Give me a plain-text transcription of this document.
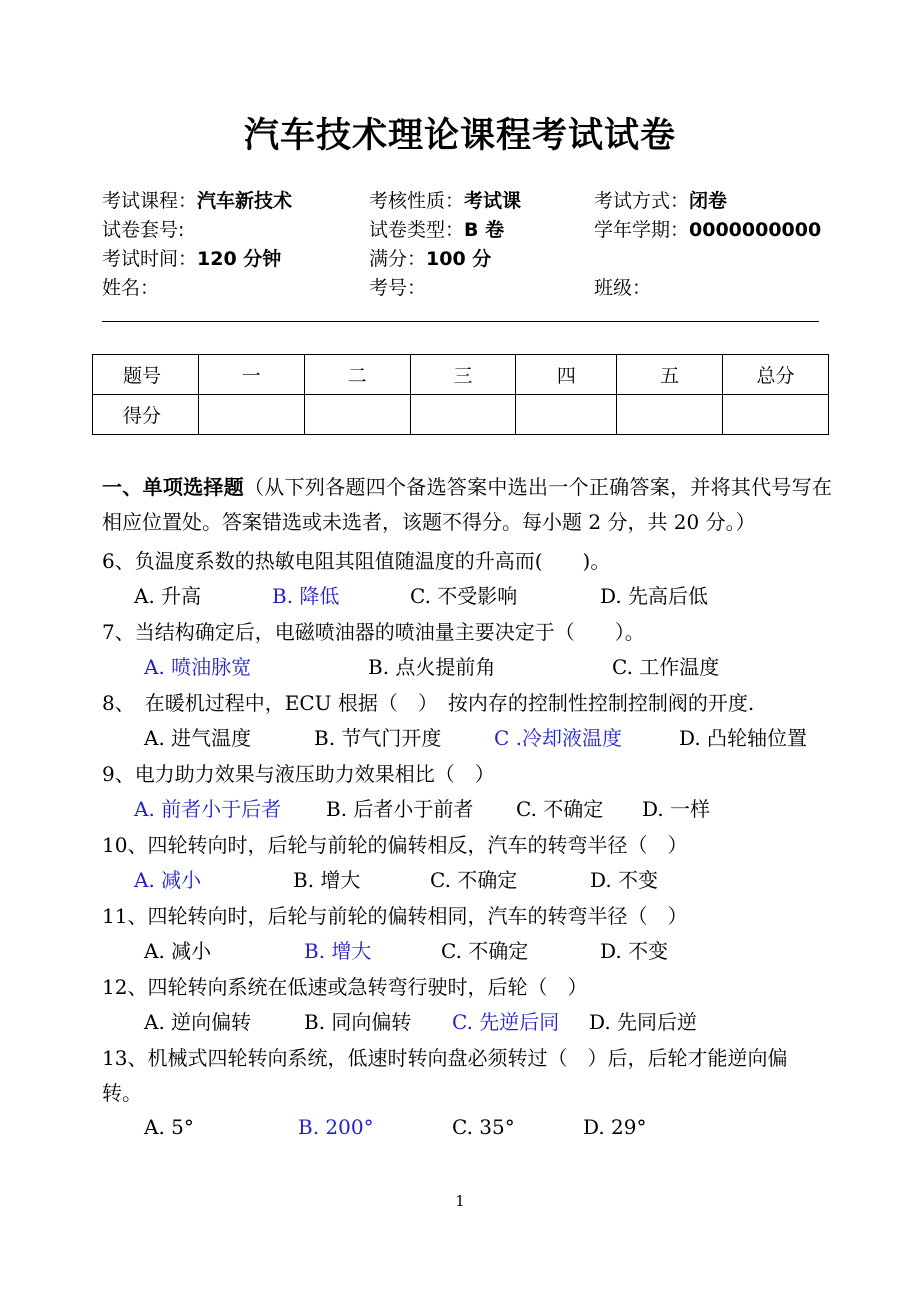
汽车技术理论课程考试试卷
考试课程：汽车新技术	考核性质：考试课	考试方式：闭卷
试卷套号:	试卷类型：B 卷	学年学期：0000000000
考试时间：120 分钟	满分：100 分
姓名：	考号：	班级：
题号	一	二	三	四	五	总分
得分						
一、单项选择题（从下列各题四个备选答案中选出一个正确答案，并将其代号写在相应位置处。答案错选或未选者，该题不得分。每小题 2 分，共 20 分。）
6、负温度系数的热敏电阻其阻值随温度的升高而(　　)。
A. 升高	B. 降低	C. 不受影响	D. 先高后低
7、当结构确定后，电磁喷油器的喷油量主要决定于（　　）。
A. 喷油脉宽	B. 点火提前角	C. 工作温度
8、　在暖机过程中，ECU 根据（　）　按内存的控制性控制控制阀的开度.
A. 进气温度	B. 节气门开度	C .冷却液温度	D. 凸轮轴位置
9、电力助力效果与液压助力效果相比（　）
A. 前者小于后者 B. 后者小于前者 C. 不确定 D. 一样
10、四轮转向时，后轮与前轮的偏转相反，汽车的转弯半径（　）
A. 减小	B. 增大	C. 不确定	D. 不变
11、四轮转向时，后轮与前轮的偏转相同，汽车的转弯半径（　）
A. 减小	B. 增大	C. 不确定	D. 不变
12、四轮转向系统在低速或急转弯行驶时，后轮（　）
A. 逆向偏转	B. 同向偏转 C. 先逆后同 D. 先同后逆
13、机械式四轮转向系统，低速时转向盘必须转过（　）后，后轮才能逆向偏
转。
A. 5°	B. 200°	C. 35°	D. 29°
1
